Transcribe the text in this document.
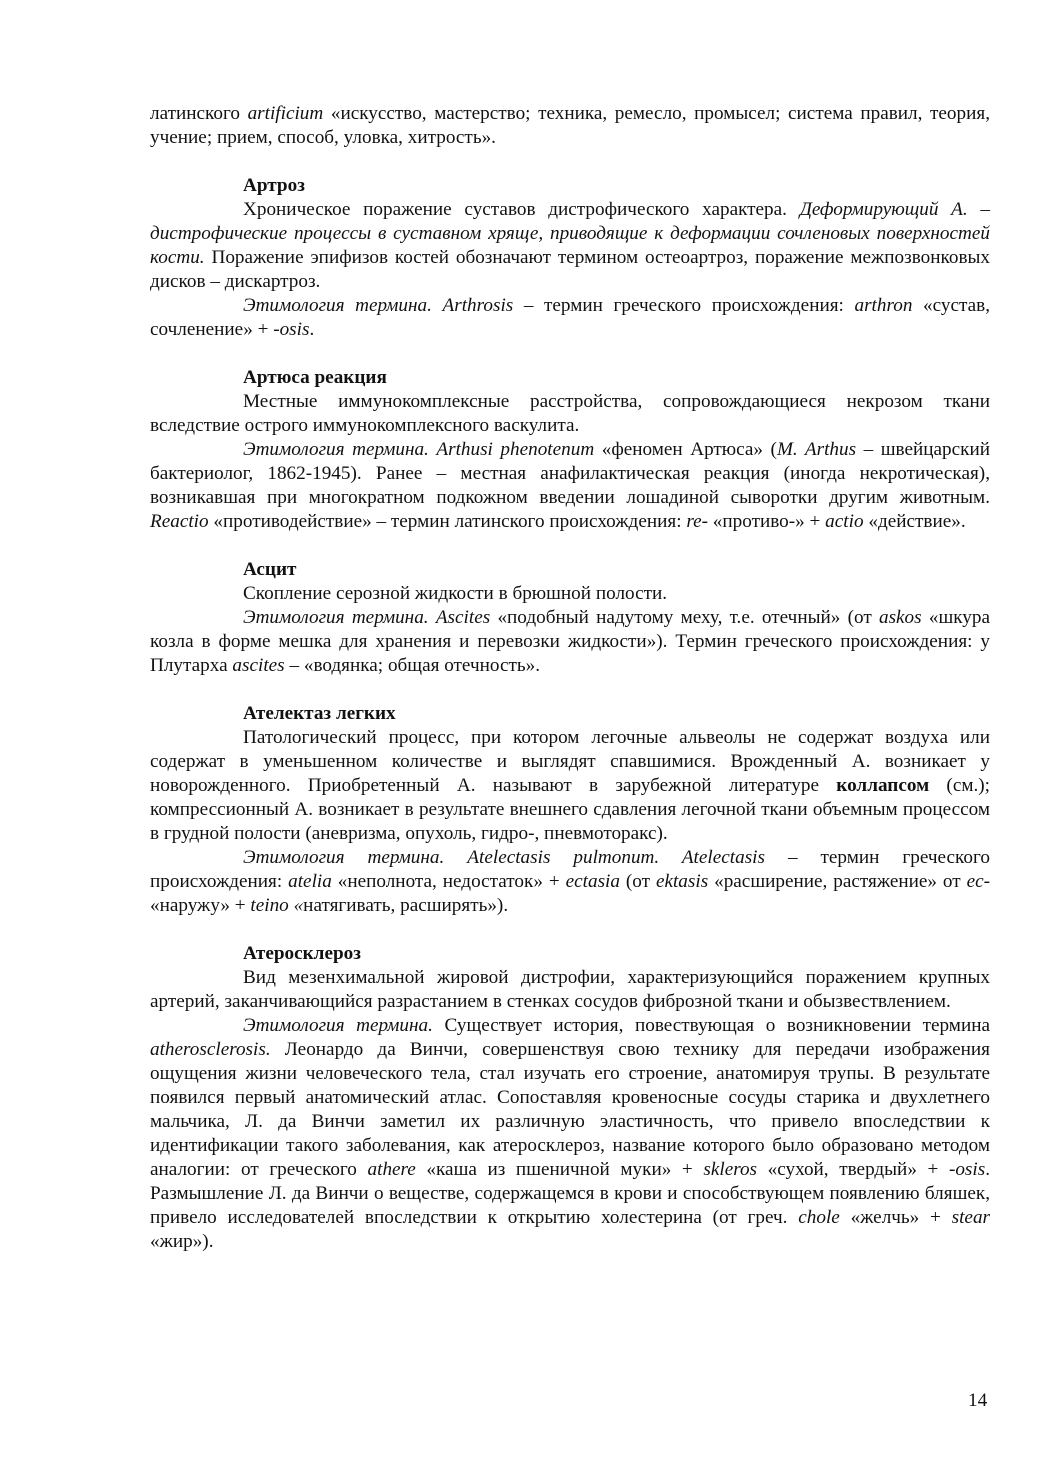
латинского artificium «искусство, мастерство; техника, ремесло, промысел; система правил, теория, учение; прием, способ, уловка, хитрость».

Артроз

Хроническое поражение суставов дистрофического характера. Деформирующий А. – дистрофические процессы в суставном хряще, приводящие к деформации сочленовых поверхностей кости. Поражение эпифизов костей обозначают термином остеоартроз, поражение межпозвонковых дисков – дискартроз.

Этимология термина. Arthrosis – термин греческого происхождения: arthron «сустав, сочленение» + -osis.

Артюса реакция

Местные иммунокомплексные расстройства, сопровождающиеся некрозом ткани вследствие острого иммунокомплексного васкулита.

Этимология термина. Arthusi phenotenum «феномен Артюса» (M. Arthus – швейцарский бактериолог, 1862-1945). Ранее – местная анафилактическая реакция (иногда некротическая), возникавшая при многократном подкожном введении лошадиной сыворотки другим животным. Reactio «противодействие» – термин латинского происхождения: re- «противо-» + actio «действие».

Асцит

Скопление серозной жидкости в брюшной полости.

Этимология термина. Ascites «подобный надутому меху, т.е. отечный» (от askos «шкура козла в форме мешка для хранения и перевозки жидкости»). Термин греческого происхождения: у Плутарха ascites – «водянка; общая отечность».

Ателектаз легких

Патологический процесс, при котором легочные альвеолы не содержат воздуха или содержат в уменьшенном количестве и выглядят спавшимися. Врожденный А. возникает у новорожденного. Приобретенный А. называют в зарубежной литературе коллапсом (см.); компрессионный А. возникает в результате внешнего сдавления легочной ткани объемным процессом в грудной полости (аневризма, опухоль, гидро-, пневмоторакс).

Этимология термина. Atelectasis pulmonum. Atelectasis – термин греческого происхождения: atelia «неполнота, недостаток» + ectasia (от ektasis «расширение, растяжение» от ec- «наружу» + teino «натягивать, расширять»).

Атеросклероз

Вид мезенхимальной жировой дистрофии, характеризующийся поражением крупных артерий, заканчивающийся разрастанием в стенках сосудов фиброзной ткани и обызвествлением.

Этимология термина. Существует история, повествующая о возникновении термина atherosclerosis. Леонардо да Винчи, совершенствуя свою технику для передачи изображения ощущения жизни человеческого тела, стал изучать его строение, анатомируя трупы. В результате появился первый анатомический атлас. Сопоставляя кровеносные сосуды старика и двухлетнего мальчика, Л. да Винчи заметил их различную эластичность, что привело впоследствии к идентификации такого заболевания, как атеросклероз, название которого было образовано методом аналогии: от греческого athere «каша из пшеничной муки» + skleros «сухой, твердый» + -osis. Размышление Л. да Винчи о веществе, содержащемся в крови и способствующем появлению бляшек, привело исследователей впоследствии к открытию холестерина (от греч. chole «желчь» + stear «жир»).

14
